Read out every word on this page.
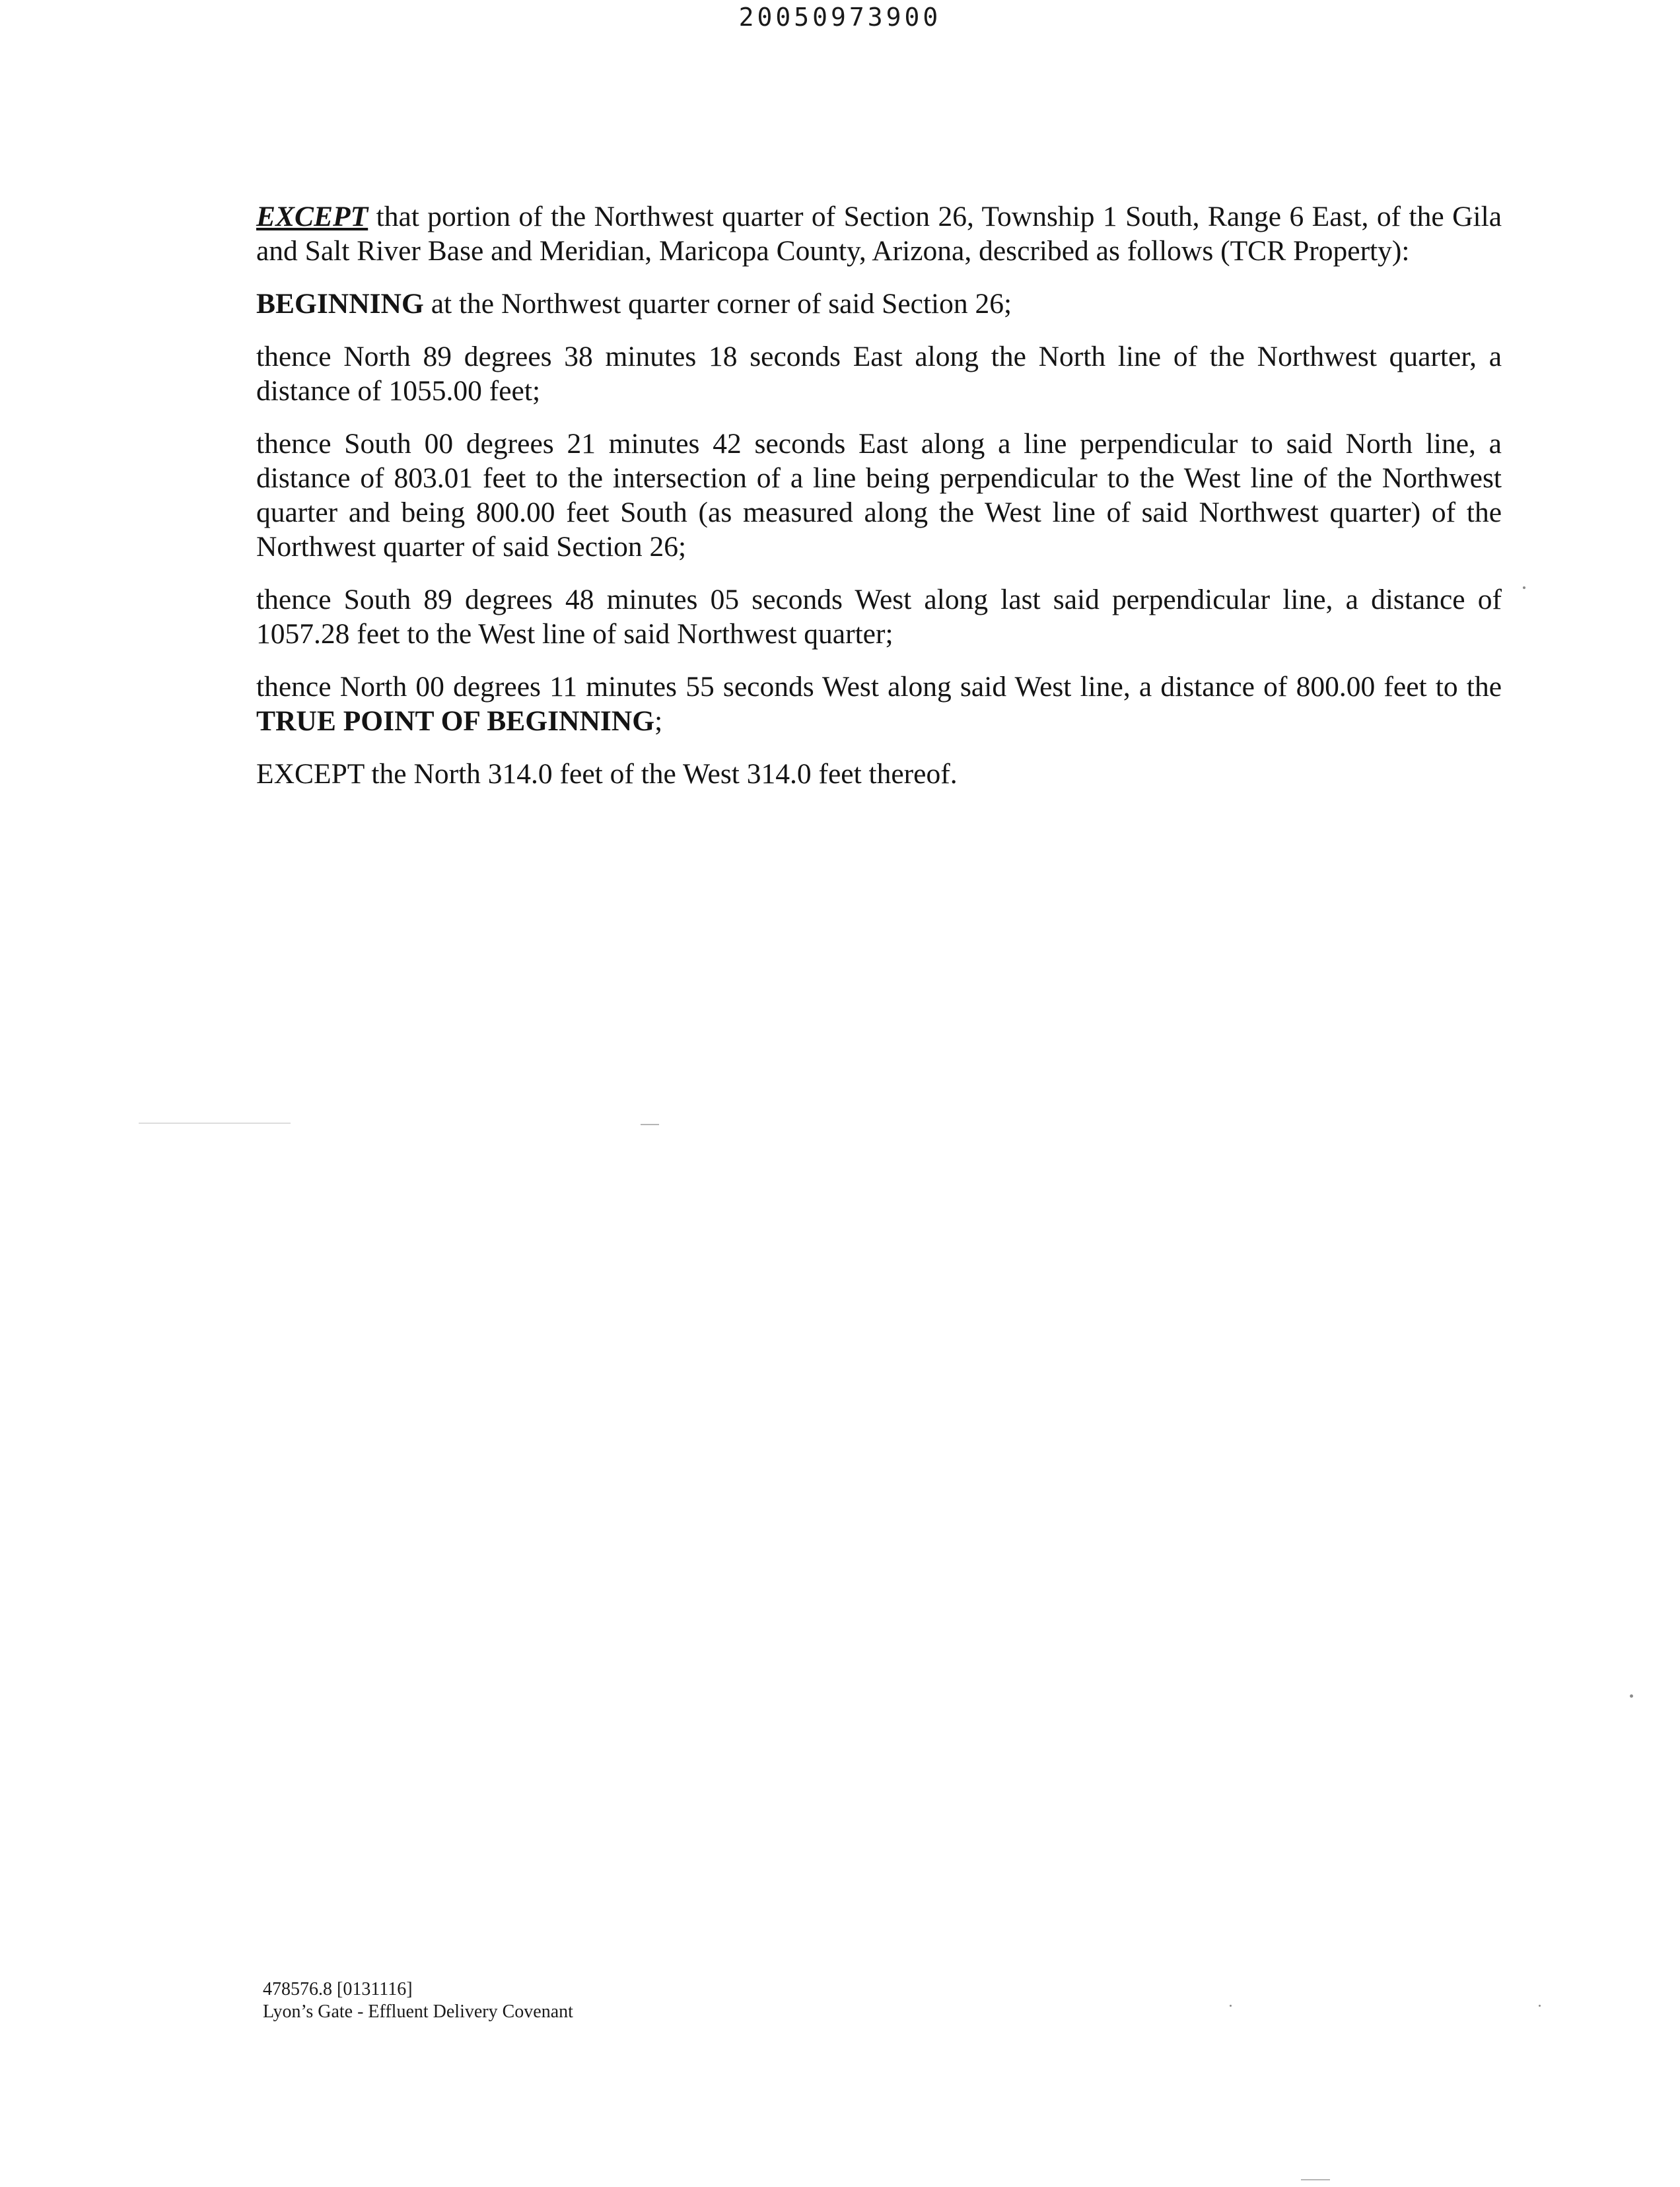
20050973900

EXCEPT that portion of the Northwest quarter of Section 26, Township 1 South, Range 6 East, of the Gila and Salt River Base and Meridian, Maricopa County, Arizona, described as follows (TCR Property):

BEGINNING at the Northwest quarter corner of said Section 26;

thence North 89 degrees 38 minutes 18 seconds East along the North line of the Northwest quarter, a distance of 1055.00 feet;

thence South 00 degrees 21 minutes 42 seconds East along a line perpendicular to said North line, a distance of 803.01 feet to the intersection of a line being perpendicular to the West line of the Northwest quarter and being 800.00 feet South (as measured along the West line of said Northwest quarter) of the Northwest quarter of said Section 26;

thence South 89 degrees 48 minutes 05 seconds West along last said perpendicular line, a distance of 1057.28 feet to the West line of said Northwest quarter;

thence North 00 degrees 11 minutes 55 seconds West along said West line, a distance of 800.00 feet to the TRUE POINT OF BEGINNING;

EXCEPT the North 314.0 feet of the West 314.0 feet thereof.

478576.8 [0131116]
Lyon’s Gate - Effluent Delivery Covenant
